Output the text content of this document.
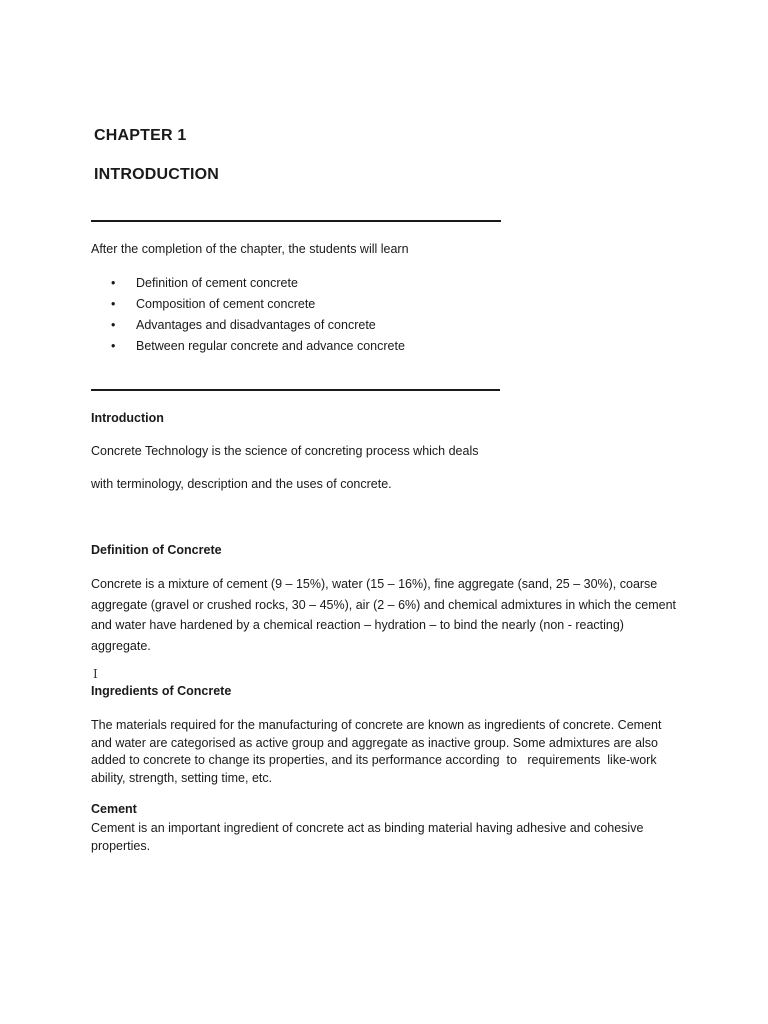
CHAPTER 1
INTRODUCTION
After the completion of the chapter, the students will learn
• Definition of cement concrete
• Composition of cement concrete
• Advantages and disadvantages of concrete
• Between regular concrete and advance concrete
Introduction
Concrete Technology is the science of concreting process which deals
with terminology, description and the uses of concrete.
Definition of Concrete

Concrete is a mixture of cement (9 – 15%), water (15 – 16%), fine aggregate (sand, 25 – 30%), coarse
aggregate (gravel or crushed rocks, 30 – 45%), air (2 – 6%) and chemical admixtures in which the cement
and water have hardened by a chemical reaction – hydration – to bind the nearly (non - reacting)
aggregate.

I
Ingredients of Concrete

The materials required for the manufacturing of concrete are known as ingredients of concrete. Cement
and water are categorised as active group and aggregate as inactive group. Some admixtures are also
added to concrete to change its properties, and its performance according  to   requirements  like-work
ability, strength, setting time, etc.

Cement

Cement is an important ingredient of concrete act as binding material having adhesive and cohesive
properties.
